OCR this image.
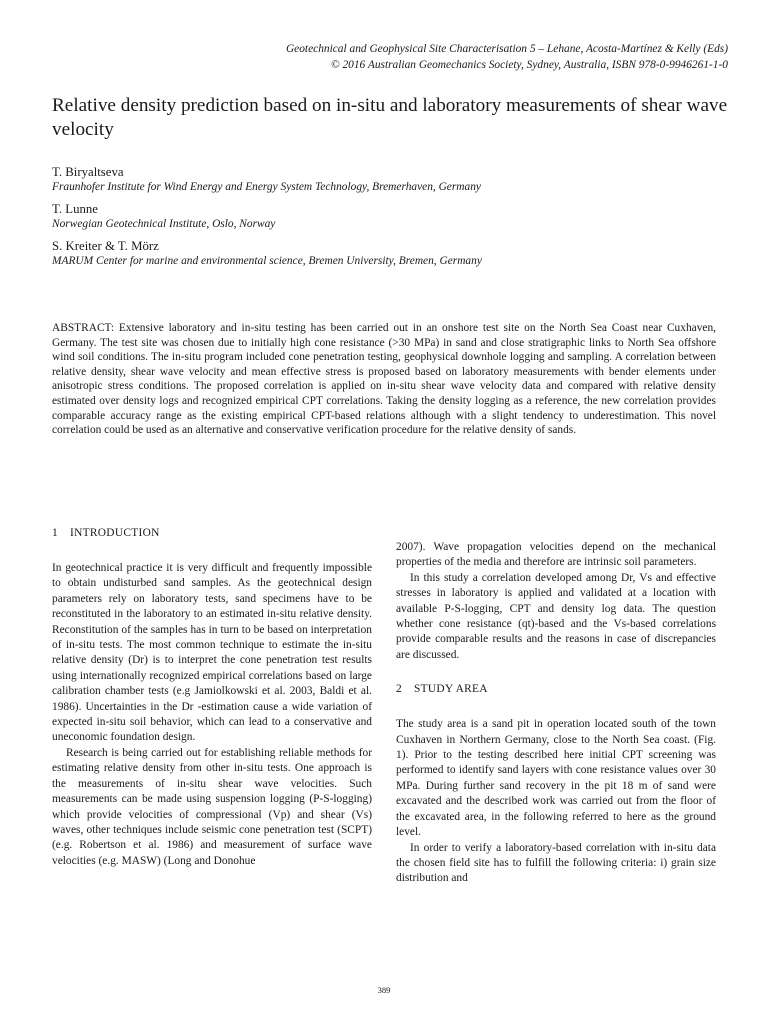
Geotechnical and Geophysical Site Characterisation 5 – Lehane, Acosta-Martínez & Kelly (Eds)
© 2016 Australian Geomechanics Society, Sydney, Australia, ISBN 978-0-9946261-1-0
Relative density prediction based on in-situ and laboratory measurements of shear wave velocity
T. Biryaltseva
Fraunhofer Institute for Wind Energy and Energy System Technology, Bremerhaven, Germany
T. Lunne
Norwegian Geotechnical Institute, Oslo, Norway
S. Kreiter & T. Mörz
MARUM Center for marine and environmental science, Bremen University, Bremen, Germany

ABSTRACT: Extensive laboratory and in-situ testing has been carried out in an onshore test site on the North Sea Coast near Cuxhaven, Germany. The test site was chosen due to initially high cone resistance (>30 MPa) in sand and close stratigraphic links to North Sea offshore wind soil conditions. The in-situ program included cone penetration testing, geophysical downhole logging and sampling. A correlation between relative density, shear wave velocity and mean effective stress is proposed based on laboratory measurements with bender elements under anisotropic stress conditions. The proposed correlation is applied on in-situ shear wave velocity data and compared with relative density estimated over density logs and recognized empirical CPT correlations. Taking the density logging as a reference, the new correlation provides comparable accuracy range as the existing empirical CPT-based relations although with a slight tendency to underestimation. This novel correlation could be used as an alternative and conservative verification procedure for the relative density of sands.

1 INTRODUCTION

In geotechnical practice it is very difficult and frequently impossible to obtain undisturbed sand samples. As the geotechnical design parameters rely on laboratory tests, sand specimens have to be reconstituted in the laboratory to an estimated in-situ relative density. Reconstitution of the samples has in turn to be based on interpretation of in-situ tests. The most common technique to estimate the in-situ relative density (Dr) is to interpret the cone penetration test results using internationally recognized empirical correlations based on large calibration chamber tests (e.g Jamiolkowski et al. 2003, Baldi et al. 1986). Uncertainties in the Dr -estimation cause a wide variation of expected in-situ soil behavior, which can lead to a conservative and uneconomic foundation design.

Research is being carried out for establishing reliable methods for estimating relative density from other in-situ tests. One approach is the measurements of in-situ shear wave velocities. Such measurements can be made using suspension logging (P-S-logging) which provide velocities of compressional (Vp) and shear (Vs) waves, other techniques include seismic cone penetration test (SCPT) (e.g. Robertson et al. 1986) and measurement of surface wave velocities (e.g. MASW) (Long and Donohue

2007). Wave propagation velocities depend on the mechanical properties of the media and therefore are intrinsic soil parameters.

In this study a correlation developed among Dr, Vs and effective stresses in laboratory is applied and validated at a location with available P-S-logging, CPT and density log data. The question whether cone resistance (qt)-based and the Vs-based correlations provide comparable results and the reasons in case of discrepancies are discussed.

2 STUDY AREA

The study area is a sand pit in operation located south of the town Cuxhaven in Northern Germany, close to the North Sea coast. (Fig. 1). Prior to the testing described here initial CPT screening was performed to identify sand layers with cone resistance values over 30 MPa. During further sand recovery in the pit 18 m of sand were excavated and the described work was carried out from the floor of the excavated area, in the following referred to here as the ground level.

In order to verify a laboratory-based correlation with in-situ data the chosen field site has to fulfill the following criteria: i) grain size distribution and

389
